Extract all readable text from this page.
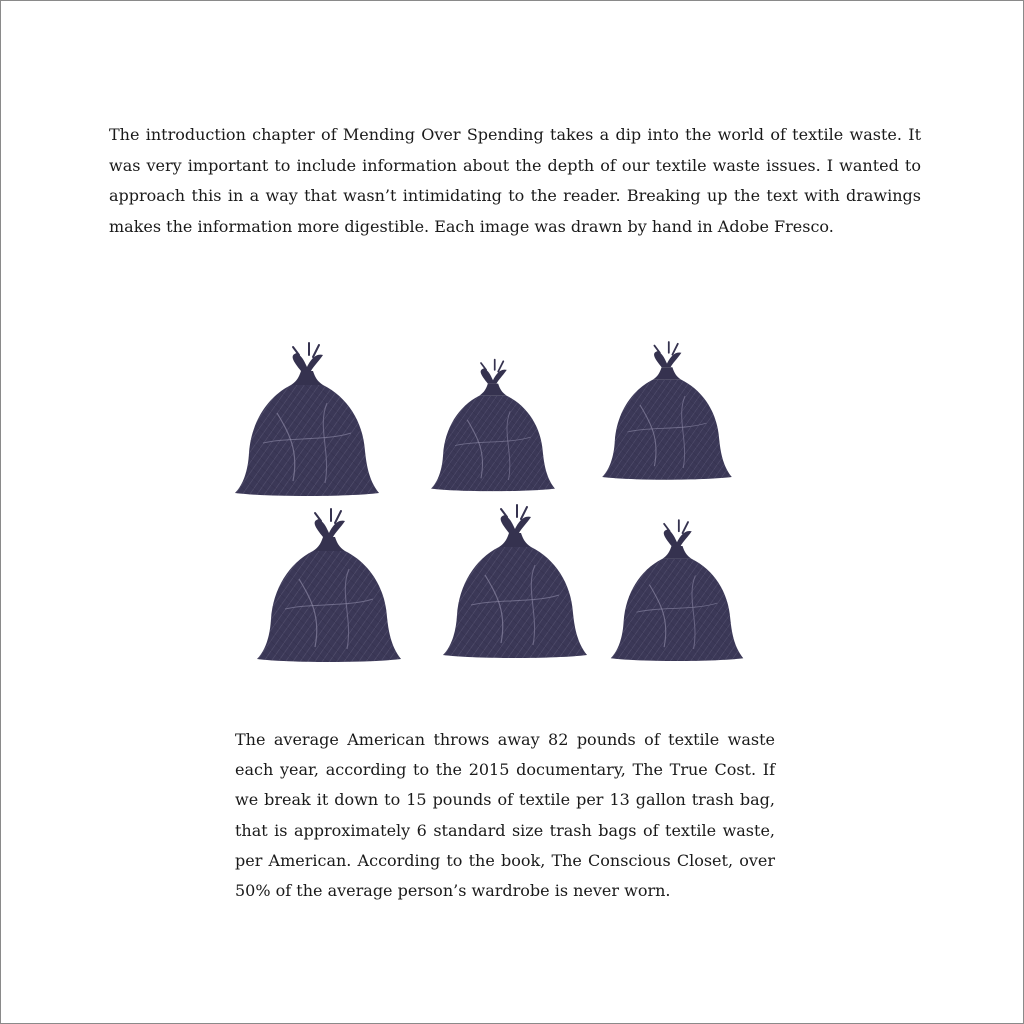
The introduction chapter of Mending Over Spending takes a dip into the world of textile waste. It was very important to include information about the depth of our textile waste issues. I wanted to approach this in a way that wasn’t intimidating to the reader. Breaking up the text with drawings makes the information more digestible. Each image was drawn by hand in Adobe Fresco.

The average American throws away 82 pounds of textile waste each year, according to the 2015 documentary, The True Cost. If we break it down to 15 pounds of textile per 13 gallon trash bag, that is approximately 6 standard size trash bags of textile waste, per American. According to the book, The Conscious Closet, over 50% of the average person’s wardrobe is never worn.
